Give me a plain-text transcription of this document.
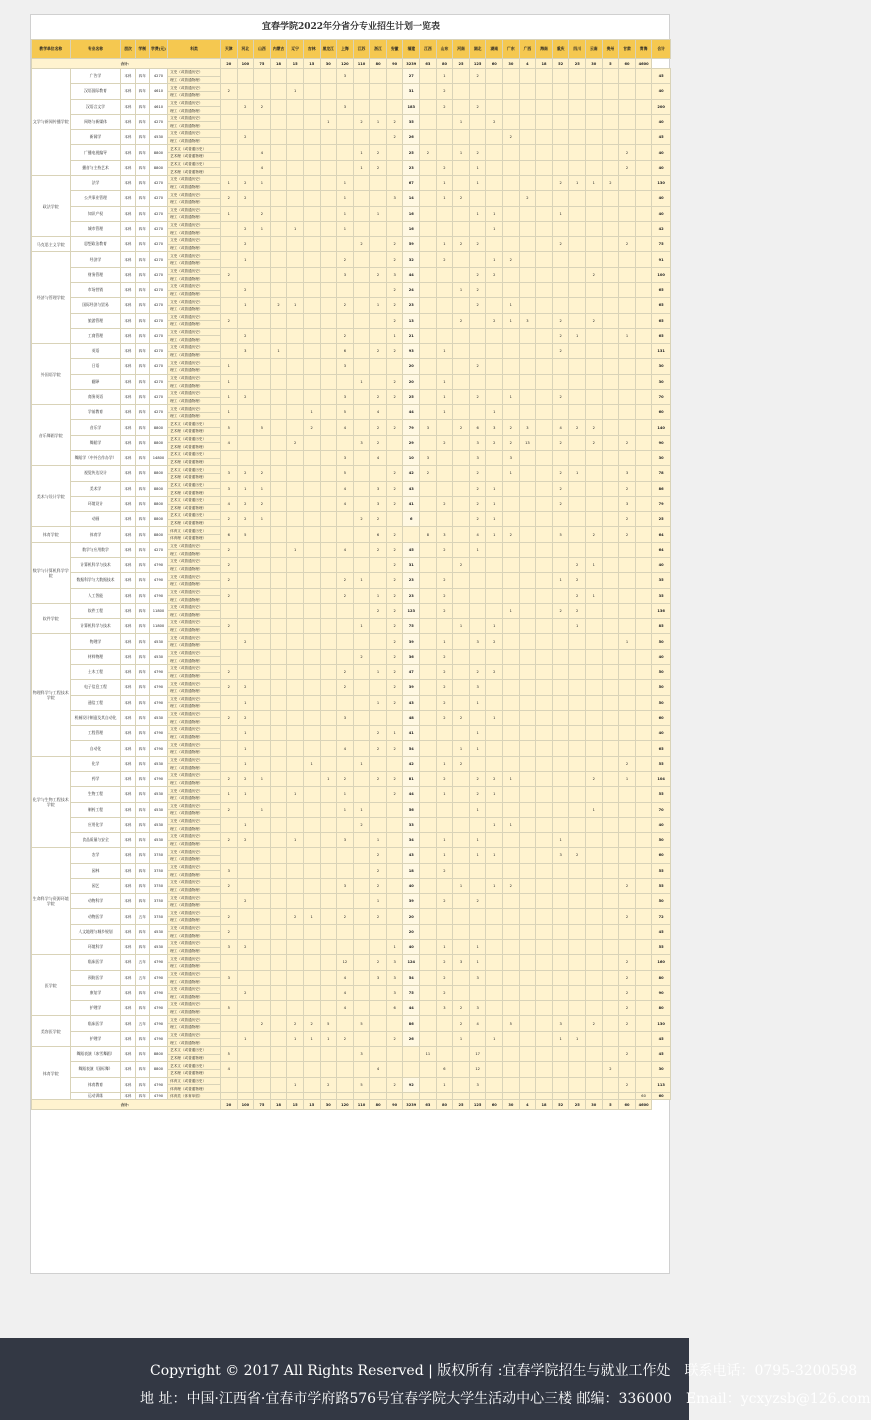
宜春学院2022年分省分专业招生计划一览表
教学单位名称	专业名称	层次	学制	学费(元)	科类	天津	河北	山西	内蒙古	辽宁	吉林	黑龙江	上海	江苏	浙江	安徽	福建	江西	山东	河南	湖北	湖南	广东	广西	海南	重庆	四川	云南	贵州	甘肃	青海	合计
合计：						20	100	75	18	15	15	30	120	110	80	90	3239	63	80	25	125	60	30	4	18	52	25	30	5	60	4600	
文学与新闻传播学院	广告学	本科	四年	4270	文史（或普通历史）								3				27		1		2											45
					理工（或普通物理）																											
	汉语国际教育	本科	四年	4610	文史（或普通历史）	2				1							31		2													40
					理工（或普通物理）																											
	汉语言文学	本科	四年	4610	文史（或普通历史）		2	2					3				183		2		2											200
					理工（或普通物理）																											
	网络与新媒体	本科	四年	4270	文史（或普通历史）							1		2	1	2	35			1		2										40
					理工（或普通物理）																											
	新闻学	本科	四年	4530	文史（或普通历史）		2									2	26						2									45
					理工（或普通物理）																											
	广播电视编导	本科	四年	8800	艺术文（或普通历史）			4						1	2		25	2		1	2									2		40
					艺术理（或普通物理）																											
	播音与主持艺术	本科	四年	8800	艺术文（或普通历史）			4						1	2		23		2		1									2		40
					艺术理（或普通物理）																											
政法学院	法学	本科	四年	4270	文史（或普通历史）	1	2	1					1				67		1		1					2	1	1	2			130
					理工（或普通物理）																											
	公共事业管理	本科	四年	4270	文史（或普通历史）	2	2						1			3	14		1	2				2								40
					理工（或普通物理）																											
	知识产权	本科	四年	4270	文史（或普通历史）	1		2					1		1		16				1	1				1						40
					理工（或普通物理）																											
	城市管理	本科	四年	4270	文史（或普通历史）		2	1		1			1				16					1										42
					理工（或普通物理）																											
马克思主义学院	思想政治教育	本科	四年	4270	文史（或普通历史）		2							2		2	59		1	2	2					2				2		75
					理工（或普通物理）																											
经济与管理学院	经济学	本科	四年	4270	文史（或普通历史）		1						2			2	32		2			1	2									91
					理工（或普通物理）																											
	财务管理	本科	四年	4270	文史（或普通历史）	2							3		2	3	44				2	2						2				100
					理工（或普通物理）																											
	市场营销	本科	四年	4270	文史（或普通历史）		2									2	24			1	2											65
					理工（或普通物理）																											
	国际经济与贸易	本科	四年	4270	文史（或普通历史）		1		2	1			2		1	2	23				2		1									65
					理工（或普通物理）																											
	旅游管理	本科	四年	4270	文史（或普通历史）	2										2	13			2		2	1	3		2		2				65
					理工（或普通物理）																											
	工商管理	本科	四年	4270	文史（或普通历史）		2						2			1	21									2	1			1		65
					理工（或普通物理）																											
外国语学院	英语	本科	四年	4270	文史（或普通历史）		3		1				6		2	2	93		1							2						131
					理工（或普通物理）																											
	日语	本科	四年	4270	文史（或普通历史）	1							3				20				2											30
					理工（或普通物理）																											
	翻译	本科	四年	4270	文史（或普通历史）	1								1		2	20		1													30
					理工（或普通物理）																											
	商务英语	本科	四年	4270	文史（或普通历史）	1	2						3		2	2	25		1		2		1			2						70
					理工（或普通物理）																											
音乐舞蹈学院	学前教育	本科	四年	4270	文史（或普通历史）	1					1		5		4		44		1			1										60
					理工（或普通物理）																											
	音乐学	本科	四年	8800	艺术文（或普通历史）	5		5			2		4		2	2	79	3		2	6	3	2	3		4	2	2				140
					艺术理（或普通物理）																											
	舞蹈学	本科	四年	8800	艺术文（或普通历史）	4				2				3	2		29		2		3	2	2	13		2		2		2		90
					艺术理（或普通物理）																											
	舞蹈学（中外合作办学）	本科	四年	14800	艺术文（或普通历史）								3		4		10	3			3		3									30
					艺术理（或普通物理）																											
美术与设计学院	视觉传达设计	本科	四年	8800	艺术文（或普通历史）	3	2	2					5			2	42	2			2		1			2	1			3		78
					艺术理（或普通物理）																											
	美术学	本科	四年	8800	艺术文（或普通历史）	3	1	1					4		3	2	43				2	1				2				2		86
					艺术理（或普通物理）																											
	环境设计	本科	四年	8800	艺术文（或普通历史）	4	2	2					4		3	2	41		2		2	1				2				3		79
					艺术理（或普通物理）																											
	动画	本科	四年	8800	艺术文（或普通历史）	2	2	1						2	2		6				2	1								2		25
					艺术理（或普通物理）																											
体育学院	体育学	本科	四年	8800	体育文（或普通历史）	6	5								6	2		8	3		4	1	2			5		2		2		64
					体育理（或普通物理）																											
数学与计算机科学学院	数学与应用数学	本科	四年	4270	文史（或普通历史）	2				1			4		2	2	45		2		1											64
					理工（或普通物理）																											
	计算机科学与技术	本科	四年	4790	文史（或普通历史）	2										2	31			2							2	1				40
					理工（或普通物理）																											
	数据科学与大数据技术	本科	四年	4790	文史（或普通历史）	2							2	1		2	23		2							1	2					35
					理工（或普通物理）																											
	人工智能	本科	四年	4790	文史（或普通历史）	2							2		1	2	23		2								2	1				35
					理工（或普通物理）																											
软件学院	软件工程	本科	四年	11800	文史（或普通历史）										2	2	123		2				1			2	2					136
					理工（或普通物理）																											
	计算机科学与技术	本科	四年	11800	文史（或普通历史）	2								1		2	75			1		1					1					85
					理工（或普通物理）																											
物理科学与工程技术学院	物理学	本科	四年	4530	文史（或普通历史）		2									2	39		1		3	2								1		50
					理工（或普通物理）																											
	材料物理	本科	四年	4530	文史（或普通历史）									2		2	36		2													40
					理工（或普通物理）																											
	土木工程	本科	四年	4790	文史（或普通历史）	2							2		1	2	47		2		2	2										50
					理工（或普通物理）																											
	电子信息工程	本科	四年	4790	文史（或普通历史）	2	2						2			2	39		2		3											50
					理工（或普通物理）																											
	通信工程	本科	四年	4790	文史（或普通历史）		1								1	2	43		2		1											50
					理工（或普通物理）																											
	机械设计制造及其自动化	本科	四年	4530	文史（或普通历史）	2	2						3				48		2	2		1										60
					理工（或普通物理）																											
	工程管理	本科	四年	4790	文史（或普通历史）		1								2	1	41				1											40
					理工（或普通物理）																											
	自动化	本科	四年	4790	文史（或普通历史）		1						4		2	2	54			1	1											65
					理工（或普通物理）																											
化学与生物工程技术学院	化学	本科	四年	4530	文史（或普通历史）		1				1			1			42		1	2										2		55
					理工（或普通物理）																											
	药学	本科	四年	4790	文史（或普通历史）	2	2	1				1	2		2	2	81		2		2	2	1					2		1		104
					理工（或普通物理）																											
	生物工程	本科	四年	4530	文史（或普通历史）	1	1			1			1			2	44		1		2	1										55
					理工（或普通物理）																											
	制药工程	本科	四年	4530	文史（或普通历史）	2		1					1	1			56				1							1				70
					理工（或普通物理）																											
	应用化学	本科	四年	4530	文史（或普通历史）		1							2			33					1	1									40
					理工（或普通物理）																											
	食品质量与安全	本科	四年	4530	文史（或普通历史）	2	2			1			3		1		34		1		1					1						50
					理工（或普通物理）																											
生命科学与资源环境学院	农学	本科	四年	3750	文史（或普通历史）										2		43		1		1	1				3	2					60
					理工（或普通物理）																											
	园林	本科	四年	3750	文史（或普通历史）	3									2		18		2													55
					理工（或普通物理）																											
	园艺	本科	四年	3750	文史（或普通历史）	2							3		2		40			1		1	2							2		55
					理工（或普通物理）																											
	动物科学	本科	四年	3750	文史（或普通历史）		2								1		39		2		2											50
					理工（或普通物理）																											
	动物医学	本科	五年	3750	文史（或普通历史）	2				2	1		2		2		20													2		72
					理工（或普通物理）																											
	人文地理与城乡规划	本科	四年	4530	文史（或普通历史）	2											20															45
					理工（或普通物理）																											
	环境科学	本科	四年	4530	文史（或普通历史）	3	2									1	40		1		1											55
					理工（或普通物理）																											
医学院	临床医学	本科	五年	4790	文史（或普通历史）								12		2	3	124		2	3	1									2		160
					理工（或普通物理）																											
	预防医学	本科	五年	4790	文史（或普通历史）	3							4		3	3	54		2		3									2		80
					理工（或普通物理）																											
	康复学	本科	四年	4790	文史（或普通历史）		2						4			3	75		2											2		90
					理工（或普通物理）																											
	护理学	本科	四年	4790	文史（或普通历史）	5							4			6	44		3	2	3									2		80
					理工（或普通物理）																											
美容医学院	临床医学	本科	五年	4790	文史（或普通历史）			2		2	2	5		5			86			2	4		5			3		2		2		130
					理工（或普通物理）																											
	护理学	本科	四年	4790	文史（或普通历史）		1			1	1	1	2			2	26			1		1				1	1					45
					理工（或普通物理）																											
体育学院	舞蹈表演（冰雪舞蹈）	本科	四年	8800	艺术文（或普通历史）	5								3				11			17									2		45
					艺术理（或普通物理）																											
	舞蹈表演（国标舞）	本科	四年	8800	艺术文（或普通历史）	4									4				6		12								2			30
					艺术理（或普通物理）																											
	体育教育	本科	四年	4790	体育文（或普通历史）					1		2		5		2	92		1		3									2		113
					体育理（或普通物理）																											
	运动训练	本科	四年	4790	体育类（体育单招）																										60	60
合计：						20	100	75	18	15	15	30	120	110	80	90	3239	63	80	25	125	60	30	4	18	52	25	30	5	60	4600	
Copyright © 2017 All Rights Reserved | 版权所有 :宜春学院招生与就业工作处　联系电话：0795-3200598
地 址：中国·江西省·宜春市学府路576号宜春学院大学生活动中心三楼 邮编：336000　Email：ycxyzsb@126.com
